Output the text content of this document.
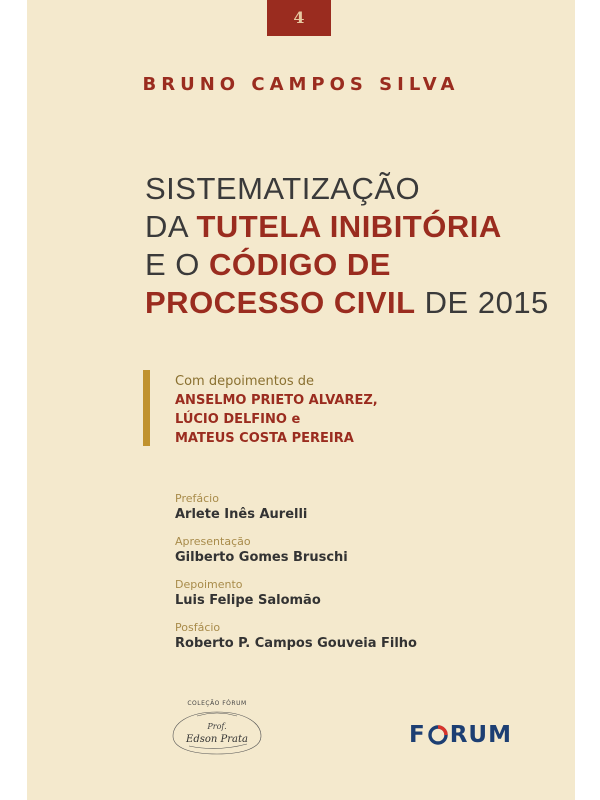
4
BRUNO CAMPOS SILVA
SISTEMATIZAÇÃO
DA TUTELA INIBITÓRIA
E O CÓDIGO DE
PROCESSO CIVIL DE 2015
Com depoimentos de
ANSELMO PRIETO ALVAREZ,
LÚCIO DELFINO e
MATEUS COSTA PEREIRA
Prefácio
Arlete Inês Aurelli
Apresentação
Gilberto Gomes Bruschi
Depoimento
Luis Felipe Salomão
Posfácio
Roberto P. Campos Gouveia Filho
COLEÇÃO FÓRUM
Prof.
Edson Prata	F RUM
